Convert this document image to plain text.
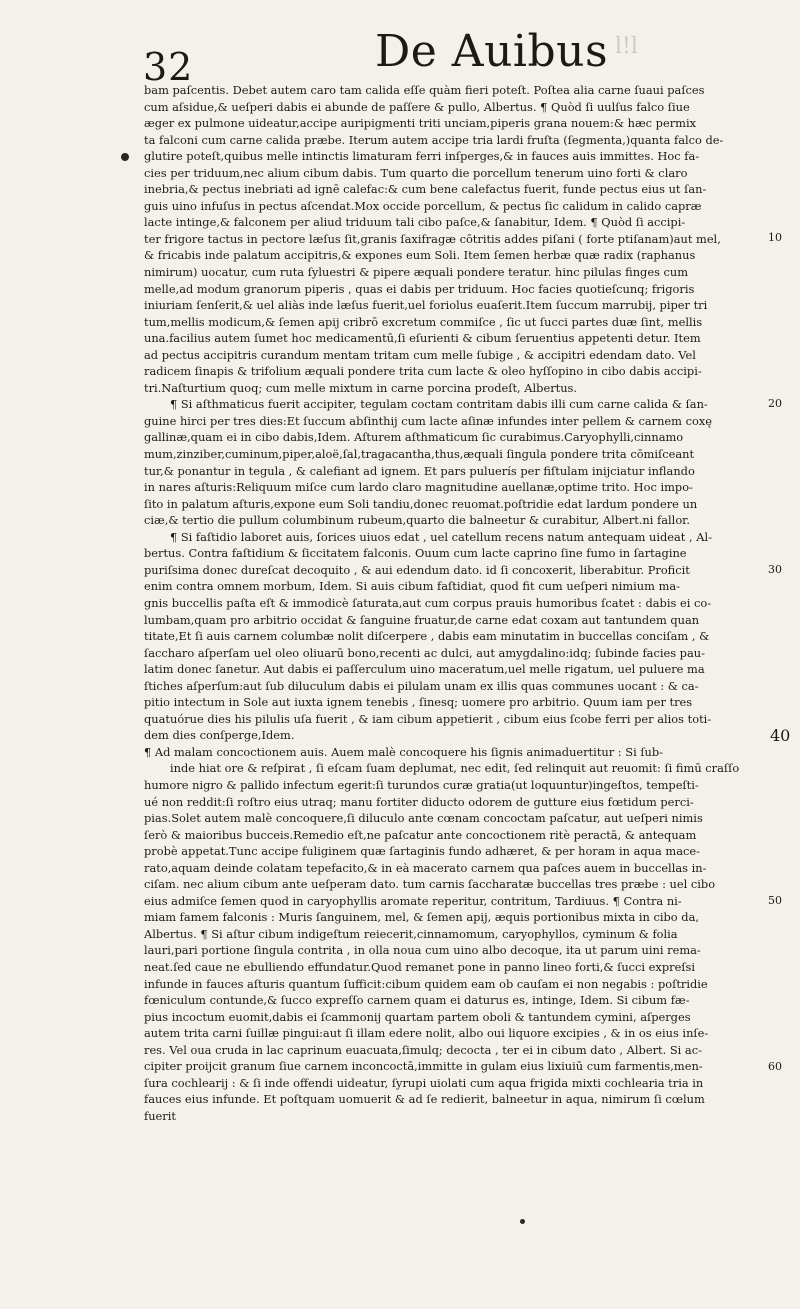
32	De Auibus l!l
10
20
30
40
50
60
bam paſcentis. Debet autem caro tam calida eſſe quàm fieri poteſt. Poſtea alia carne ſuaui paſces
cum aſsidue,& ueſperi dabis ei abunde de paſſere & pullo, Albertus. ¶ Quòd ſi uulſus falco ſiue
æger ex pulmone uideatur,accipe auripigmenti triti unciam,piperis grana nouem:& hæc permix
ta falconi cum carne calida præbe. Iterum autem accipe tria lardi fruſta (ſegmenta,)quanta falco de-
glutire poteſt,quibus melle intinctis limaturam ferri inſperges,& in fauces auis immittes. Hoc fa-
cies per triduum,nec alium cibum dabis. Tum quarto die porcellum tenerum uino forti & claro
inebria,& pectus inebriati ad ignē calefac:& cum bene calefactus fuerit, funde pectus eius ut ſan-
guis uino infuſus in pectus aſcendat.Mox occide porcellum, & pectus ſic calidum in calido capræ
lacte intinge,& falconem per aliud triduum tali cibo paſce,& ſanabitur, Idem. ¶ Quòd ſi accipi-
ter frigore tactus in pectore læſus ſit,granis ſaxifragæ cōtritis addes piſani ( forte ptiſanam)aut mel,
& fricabis inde palatum accipitris,& expones eum Soli. Item ſemen herbæ quæ radix (raphanus
nimirum) uocatur, cum ruta ſyluestri & pipere æquali pondere teratur. hinc pilulas finges cum
melle,ad modum granorum piperis , quas ei dabis per triduum. Hoc facies quotieſcunq; frigoris
iniuriam ſenſerit,& uel aliàs inde læſus fuerit,uel foriolus euaſerit.Item ſuccum marrubij, piper tri
tum,mellis modicum,& ſemen apij cribrō excretum commiſce , ſic ut ſucci partes duæ ſint, mellis
una.facilius autem ſumet hoc medicamentū,ſi eſurienti & cibum ſeruentius appetenti detur. Item
ad pectus accipitris curandum mentam tritam cum melle ſubige , & accipitri edendam dato. Vel
radicem ſinapis & trifolium æquali pondere trita cum lacte & oleo hyſſopino in cibo dabis accipi-
tri.Naſturtium quoq; cum melle mixtum in carne porcina prodeſt, Albertus.
¶ Si aſthmaticus fuerit accipiter, tegulam coctam contritam dabis illi cum carne calida & ſan-
guine hirci per tres dies:Et ſuccum abſinthij cum lacte aſinæ infundes inter pellem & carnem coxę
gallinæ,quam ei in cibo dabis,Idem. Aſturem aſthmaticum ſic curabimus.Caryophylli,cinnamo
mum,zinziber,cuminum,piper,aloë,ſal,tragacantha,thus,æquali ſingula pondere trita cōmiſceant
tur,& ponantur in tegula , & calefiant ad ignem. Et pars puluerís per fiſtulam inijciatur inflando
in nares aſturis:Reliquum miſce cum lardo claro magnitudine auellanæ,optime trito. Hoc impo-
ſito in palatum aſturis,expone eum Soli tandiu,donec reuomat.poſtridie edat lardum pondere un
ciæ,& tertio die pullum columbinum rubeum,quarto die balneetur & curabitur, Albert.ni fallor.
¶ Si faſtidio laboret auis, ſorices uiuos edat , uel catellum recens natum antequam uideat , Al-
bertus. Contra faſtidium & ſiccitatem falconis. Ouum cum lacte caprino ſine fumo in ſartagine
puriſsima donec dureſcat decoquito , & aui edendum dato. id ſi concoxerit, liberabitur. Proficit
enim contra omnem morbum, Idem. Si auis cibum faſtidiat, quod fit cum ueſperi nimium ma-
gnis buccellis paſta eſt & immodicè ſaturata,aut cum corpus prauis humoribus ſcatet : dabis ei co-
lumbam,quam pro arbitrio occidat & ſanguine fruatur,de carne edat coxam aut tantundem quan
titate,Et ſi auis carnem columbæ nolit diſcerpere , dabis eam minutatim in buccellas conciſam , &
ſaccharo aſperſam uel oleo oliuarū bono,recenti ac dulci, aut amygdalino:idq; ſubinde facies pau-
latim donec ſanetur. Aut dabis ei paſſerculum uino maceratum,uel melle rigatum, uel puluere ma
ſtiches aſperſum:aut ſub diluculum dabis ei pilulam unam ex illis quas communes uocant : & ca-
pitio intectum in Sole aut iuxta ignem tenebis , ſinesq; uomere pro arbitrio. Quum iam per tres
quatuórue dies his pilulis uſa fuerit , & iam cibum appetierit , cibum eius ſcobe ferri per alios toti-
dem dies conſperge,Idem.
¶ Ad malam concoctionem auis. Auem malè concoquere his ſignis animaduertitur : Si ſub-
inde hiat ore & reſpirat , ſi eſcam ſuam deplumat, nec edit, ſed relinquit aut reuomit: ſi fimū craſſo
humore nigro & pallido infectum egerit:ſi turundos curæ gratia(ut loquuntur)ingeſtos, tempeſti-
ué non reddit:ſi roſtro eius utraq; manu fortiter diducto odorem de gutture eius fœtidum perci-
pias.Solet autem malè concoquere,ſi diluculo ante cœnam concoctam paſcatur, aut ueſperi nimis
ſerò & maioribus bucceis.Remedio eſt,ne paſcatur ante concoctionem ritè peractā, & antequam
probè appetat.Tunc accipe fuliginem quæ ſartaginis fundo adhæret, & per horam in aqua mace-
rato,aquam deinde colatam tepefacito,& in eà macerato carnem qua paſces auem in buccellas in-
ciſam. nec alium cibum ante ueſperam dato. tum carnis ſaccharatæ buccellas tres præbe : uel cibo
eius admiſce ſemen quod in caryophyllis aromate reperitur, contritum, Tardiuus. ¶ Contra ni-
miam famem falconis : Muris ſanguinem, mel, & ſemen apij, æquis portionibus mixta in cibo da,
Albertus. ¶ Si aſtur cibum indigeſtum reiecerit,cinnamomum, caryophyllos, cyminum & folia
lauri,pari portione ſingula contrita , in olla noua cum uino albo decoque, ita ut parum uini rema-
neat.ſed caue ne ebulliendo effundatur.Quod remanet pone in panno lineo forti,& ſucci expreſsi
infunde in fauces aſturis quantum ſufficit:cibum quidem eam ob cauſam ei non negabis : poſtridie
fœniculum contunde,& ſucco expreſſo carnem quam ei daturus es, intinge, Idem. Si cibum fæ-
pius incoctum euomit,dabis ei ſcammonij quartam partem oboli & tantundem cymini, aſperges
autem trita carni ſuillæ pingui:aut ſi illam edere nolit, albo oui liquore excipies , & in os eius inſe-
res. Vel oua cruda in lac caprinum euacuata,ſimulq; decocta , ter ei in cibum dato , Albert. Si ac-
cipiter proijcit granum ſiue carnem inconcoctā,immitte in gulam eius lixiuiū cum farmentis,men-
ſura cochlearij : & ſi inde offendi uideatur, ſyrupi uiolati cum aqua frigida mixti cochlearia tria in
fauces eius infunde. Et poſtquam uomuerit & ad ſe redierit, balneetur in aqua, nimirum ſi cœlum
fuerit
